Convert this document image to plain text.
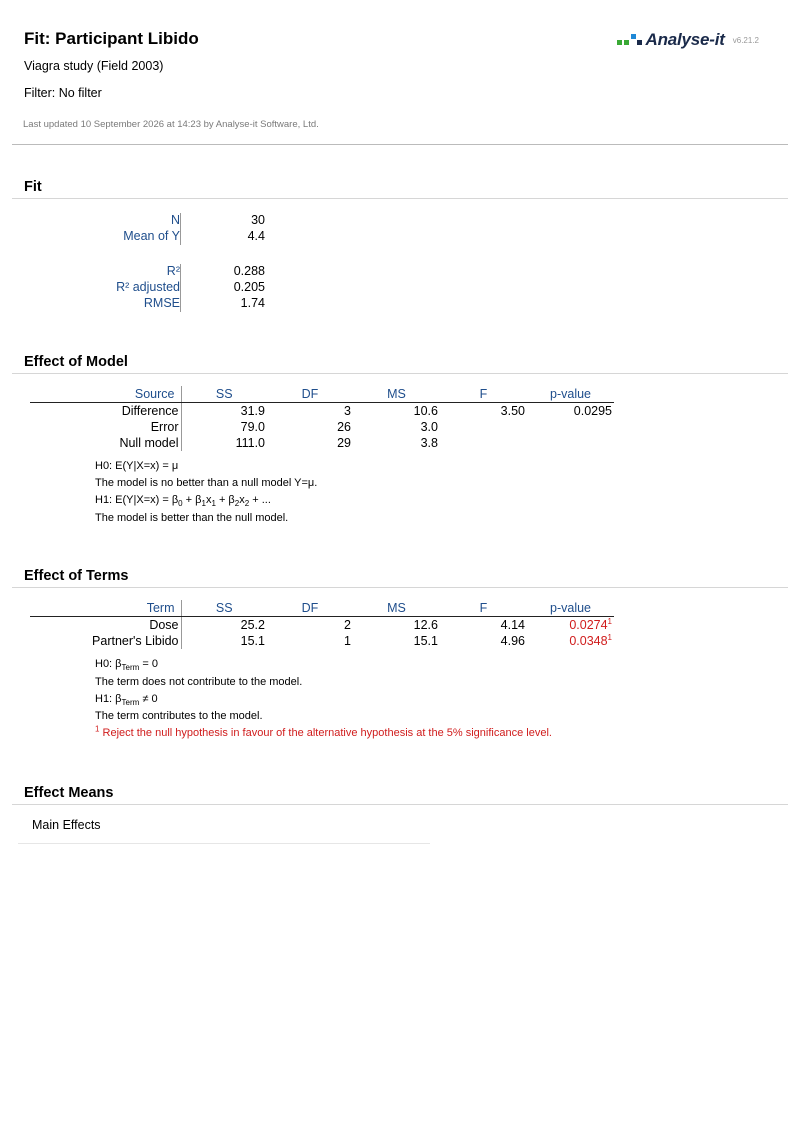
Fit: Participant Libido
Viagra study (Field 2003)
Filter: No filter
Last updated 10 September 2026 at 14:23 by Analyse-it Software, Ltd.
Analyse-it v6.21.2
Fit
N	30
Mean of Y	4.4
R²	0.288
R² adjusted	0.205
RMSE	1.74
Effect of Model
Source	SS	DF	MS	F	p-value
Difference	31.9	3	10.6	3.50	0.0295
Error	79.0	26	3.0		
Null model	111.0	29	3.8		
H0: E(Y|X=x) = μ
The model is no better than a null model Y=μ.
H1: $E(Y|X=x) = \beta_0 + \beta_1x_1 + \beta_2x_2$ + ...
The model is better than the null model.
Effect of Terms
Term	SS	DF	MS	F	p-value
Dose	25.2	2	12.6	4.14	0.0274$^1$
Partner's Libido	15.1	1	15.1	4.96	0.0348$^1$
H0: $\beta_{Term} = 0$
The term does not contribute to the model.
H1: $\beta_{Term} \ne 0$
The term contributes to the model.
$^1$ Reject the null hypothesis in favour of the alternative hypothesis at the 5% significance level.
Effect Means
Main Effects
